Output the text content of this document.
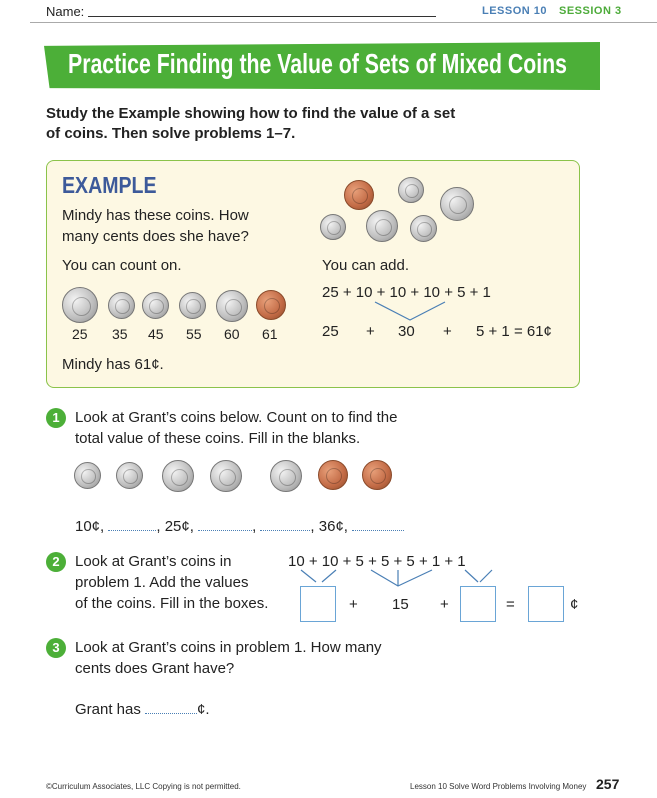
Name:	LESSON 10 SESSION 3
Practice Finding the Value of Sets of Mixed Coins
Study the Example showing how to find the value of a set of coins. Then solve problems 1–7.
EXAMPLE
Mindy has these coins. How
many cents does she have?
You can count on.	You can add.
25 35 45 55 60 61
25 + 10 + 10 + 10 + 5 + 1
25 + 30 + 5 + 1 = 61¢
Mindy has 61¢.
1	Look at Grant’s coins below. Count on to find the
total value of these coins. Fill in the blanks.
10¢,	, 25¢,	,	, 36¢,
2	Look at Grant’s coins in
problem 1. Add the values
of the coins. Fill in the boxes.
10 + 10 + 5 + 5 + 5 + 1 + 1
+ 15 +	=	¢
3	Look at Grant’s coins in problem 1. How many
cents does Grant have?
Grant has	¢.
©Curriculum Associates, LLC Copying is not permitted.	Lesson 10 Solve Word Problems Involving Money 257
